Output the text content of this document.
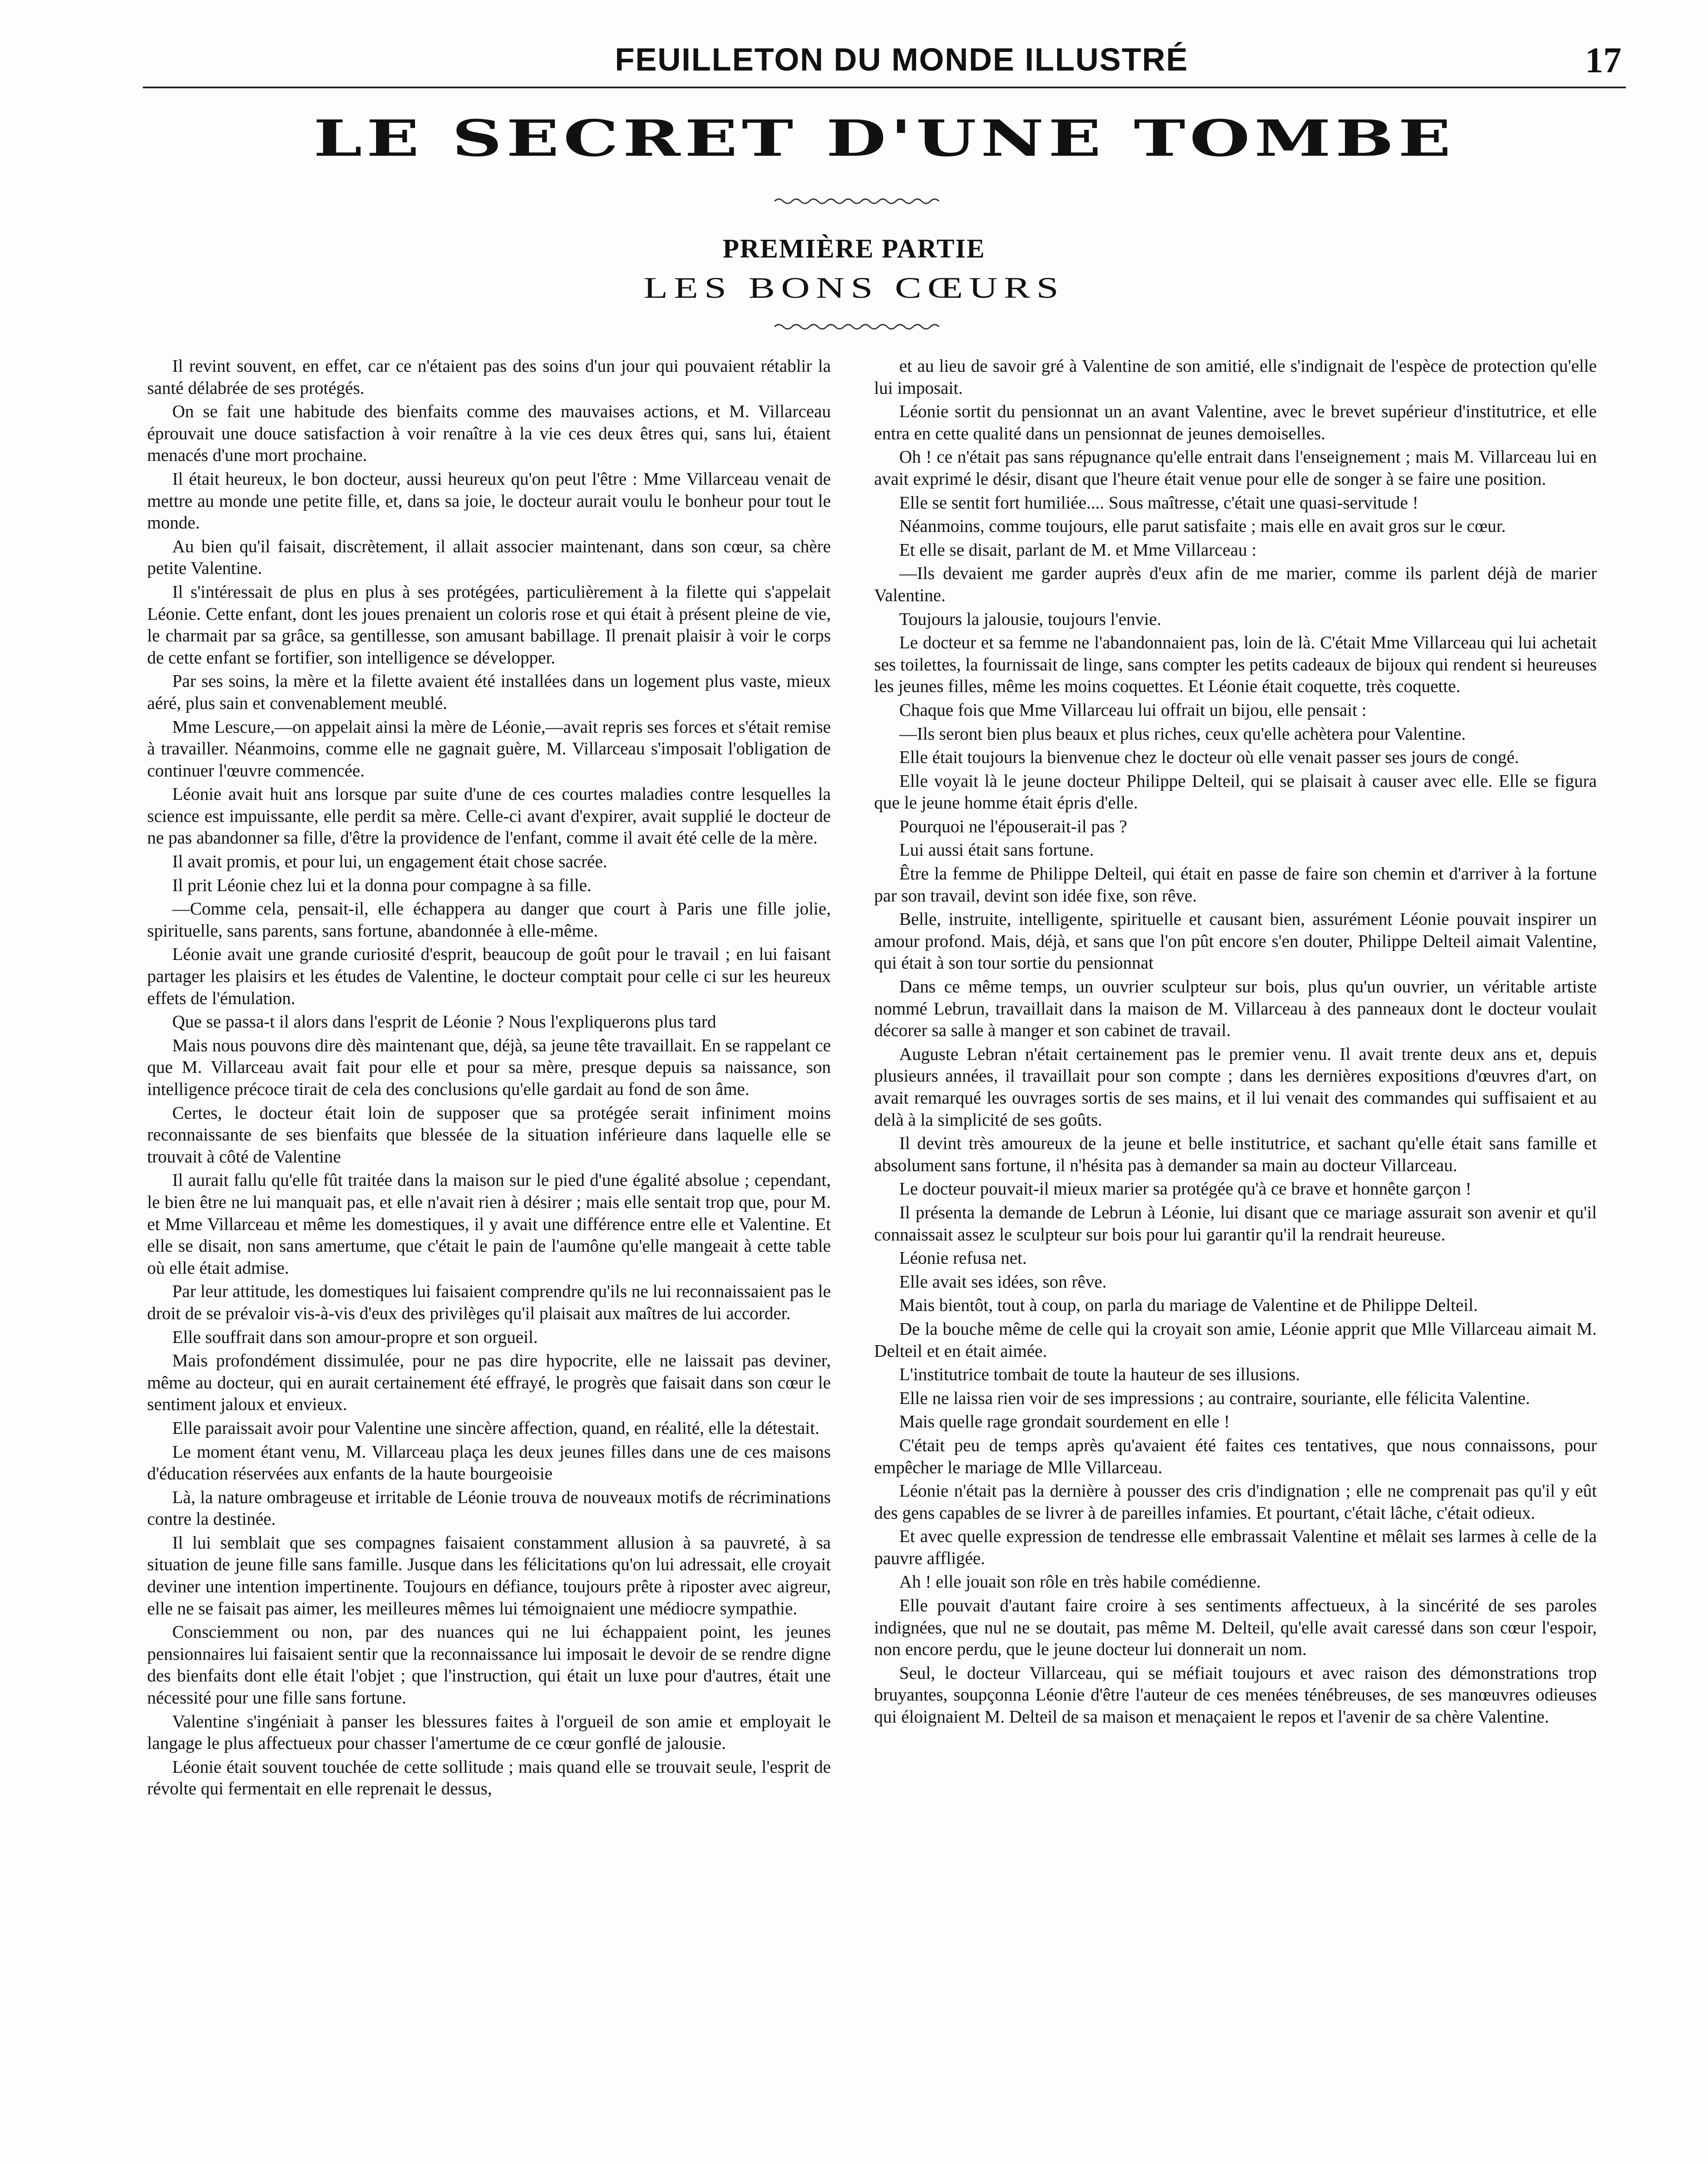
FEUILLETON DU MONDE ILLUSTRÉ	17
LE SECRET D'UNE TOMBE
PREMIÈRE PARTIE
LES BONS CŒURS

Il revint souvent, en effet, car ce n'étaient pas des soins d'un jour qui pouvaient rétablir la santé délabrée de ses protégés.

On se fait une habitude des bienfaits comme des mauvaises actions, et M. Villarceau éprouvait une douce satisfaction à voir renaître à la vie ces deux êtres qui, sans lui, étaient menacés d'une mort prochaine.

Il était heureux, le bon docteur, aussi heureux qu'on peut l'être : Mme Villarceau venait de mettre au monde une petite fille, et, dans sa joie, le docteur aurait voulu le bonheur pour tout le monde.

Au bien qu'il faisait, discrètement, il allait associer maintenant, dans son cœur, sa chère petite Valentine.

Il s'intéressait de plus en plus à ses protégées, particulièrement à la filette qui s'appelait Léonie. Cette enfant, dont les joues prenaient un coloris rose et qui était à présent pleine de vie, le charmait par sa grâce, sa gentillesse, son amusant babillage. Il prenait plaisir à voir le corps de cette enfant se fortifier, son intelligence se développer.

Par ses soins, la mère et la filette avaient été installées dans un logement plus vaste, mieux aéré, plus sain et convenablement meublé.

Mme Lescure,—on appelait ainsi la mère de Léonie,—avait repris ses forces et s'était remise à travailler. Néanmoins, comme elle ne gagnait guère, M. Villarceau s'imposait l'obligation de continuer l'œuvre commencée.

Léonie avait huit ans lorsque par suite d'une de ces courtes maladies contre lesquelles la science est impuissante, elle perdit sa mère. Celle-ci avant d'expirer, avait supplié le docteur de ne pas abandonner sa fille, d'être la providence de l'enfant, comme il avait été celle de la mère.

Il avait promis, et pour lui, un engagement était chose sacrée.

Il prit Léonie chez lui et la donna pour compagne à sa fille.

—Comme cela, pensait-il, elle échappera au danger que court à Paris une fille jolie, spirituelle, sans parents, sans fortune, abandonnée à elle-même.

Léonie avait une grande curiosité d'esprit, beaucoup de goût pour le travail ; en lui faisant partager les plaisirs et les études de Valentine, le docteur comptait pour celle ci sur les heureux effets de l'émulation.

Que se passa-t il alors dans l'esprit de Léonie ? Nous l'expliquerons plus tard

Mais nous pouvons dire dès maintenant que, déjà, sa jeune tête travaillait. En se rappelant ce que M. Villarceau avait fait pour elle et pour sa mère, presque depuis sa naissance, son intelligence précoce tirait de cela des conclusions qu'elle gardait au fond de son âme.

Certes, le docteur était loin de supposer que sa protégée serait infiniment moins reconnaissante de ses bienfaits que blessée de la situation inférieure dans laquelle elle se trouvait à côté de Valentine

Il aurait fallu qu'elle fût traitée dans la maison sur le pied d'une égalité absolue ; cependant, le bien être ne lui manquait pas, et elle n'avait rien à désirer ; mais elle sentait trop que, pour M. et Mme Villarceau et même les domestiques, il y avait une différence entre elle et Valentine. Et elle se disait, non sans amertume, que c'était le pain de l'aumône qu'elle mangeait à cette table où elle était admise.

Par leur attitude, les domestiques lui faisaient comprendre qu'ils ne lui reconnaissaient pas le droit de se prévaloir vis-à-vis d'eux des privilèges qu'il plaisait aux maîtres de lui accorder.

Elle souffrait dans son amour-propre et son orgueil.

Mais profondément dissimulée, pour ne pas dire hypocrite, elle ne laissait pas deviner, même au docteur, qui en aurait certainement été effrayé, le progrès que faisait dans son cœur le sentiment jaloux et envieux.

Elle paraissait avoir pour Valentine une sincère affection, quand, en réalité, elle la détestait.

Le moment étant venu, M. Villarceau plaça les deux jeunes filles dans une de ces maisons d'éducation réservées aux enfants de la haute bourgeoisie

Là, la nature ombrageuse et irritable de Léonie trouva de nouveaux motifs de récriminations contre la destinée.

Il lui semblait que ses compagnes faisaient constamment allusion à sa pauvreté, à sa situation de jeune fille sans famille. Jusque dans les félicitations qu'on lui adressait, elle croyait deviner une intention impertinente. Toujours en défiance, toujours prête à riposter avec aigreur, elle ne se faisait pas aimer, les meilleures mêmes lui témoignaient une médiocre sympathie.

Consciemment ou non, par des nuances qui ne lui échappaient point, les jeunes pensionnaires lui faisaient sentir que la reconnaissance lui imposait le devoir de se rendre digne des bienfaits dont elle était l'objet ; que l'instruction, qui était un luxe pour d'autres, était une nécessité pour une fille sans fortune.

Valentine s'ingéniait à panser les blessures faites à l'orgueil de son amie et employait le langage le plus affectueux pour chasser l'amertume de ce cœur gonflé de jalousie.

Léonie était souvent touchée de cette sollitude ; mais quand elle se trouvait seule, l'esprit de révolte qui fermentait en elle reprenait le dessus,

et au lieu de savoir gré à Valentine de son amitié, elle s'indignait de l'espèce de protection qu'elle lui imposait.

Léonie sortit du pensionnat un an avant Valentine, avec le brevet supérieur d'institutrice, et elle entra en cette qualité dans un pensionnat de jeunes demoiselles.

Oh ! ce n'était pas sans répugnance qu'elle entrait dans l'enseignement ; mais M. Villarceau lui en avait exprimé le désir, disant que l'heure était venue pour elle de songer à se faire une position.

Elle se sentit fort humiliée.... Sous maîtresse, c'était une quasi-servitude !

Néanmoins, comme toujours, elle parut satisfaite ; mais elle en avait gros sur le cœur.

Et elle se disait, parlant de M. et Mme Villarceau :

—Ils devaient me garder auprès d'eux afin de me marier, comme ils parlent déjà de marier Valentine.

Toujours la jalousie, toujours l'envie.

Le docteur et sa femme ne l'abandonnaient pas, loin de là. C'était Mme Villarceau qui lui achetait ses toilettes, la fournissait de linge, sans compter les petits cadeaux de bijoux qui rendent si heureuses les jeunes filles, même les moins coquettes. Et Léonie était coquette, très coquette.

Chaque fois que Mme Villarceau lui offrait un bijou, elle pensait :

—Ils seront bien plus beaux et plus riches, ceux qu'elle achètera pour Valentine.

Elle était toujours la bienvenue chez le docteur où elle venait passer ses jours de congé.

Elle voyait là le jeune docteur Philippe Delteil, qui se plaisait à causer avec elle. Elle se figura que le jeune homme était épris d'elle.

Pourquoi ne l'épouserait-il pas ?

Lui aussi était sans fortune.

Être la femme de Philippe Delteil, qui était en passe de faire son chemin et d'arriver à la fortune par son travail, devint son idée fixe, son rêve.

Belle, instruite, intelligente, spirituelle et causant bien, assurément Léonie pouvait inspirer un amour profond. Mais, déjà, et sans que l'on pût encore s'en douter, Philippe Delteil aimait Valentine, qui était à son tour sortie du pensionnat

Dans ce même temps, un ouvrier sculpteur sur bois, plus qu'un ouvrier, un véritable artiste nommé Lebrun, travaillait dans la maison de M. Villarceau à des panneaux dont le docteur voulait décorer sa salle à manger et son cabinet de travail.

Auguste Lebran n'était certainement pas le premier venu. Il avait trente deux ans et, depuis plusieurs années, il travaillait pour son compte ; dans les dernières expositions d'œuvres d'art, on avait remarqué les ouvrages sortis de ses mains, et il lui venait des commandes qui suffisaient et au delà à la simplicité de ses goûts.

Il devint très amoureux de la jeune et belle institutrice, et sachant qu'elle était sans famille et absolument sans fortune, il n'hésita pas à demander sa main au docteur Villarceau.

Le docteur pouvait-il mieux marier sa protégée qu'à ce brave et honnête garçon !

Il présenta la demande de Lebrun à Léonie, lui disant que ce mariage assurait son avenir et qu'il connaissait assez le sculpteur sur bois pour lui garantir qu'il la rendrait heureuse.

Léonie refusa net.

Elle avait ses idées, son rêve.

Mais bientôt, tout à coup, on parla du mariage de Valentine et de Philippe Delteil.

De la bouche même de celle qui la croyait son amie, Léonie apprit que Mlle Villarceau aimait M. Delteil et en était aimée.

L'institutrice tombait de toute la hauteur de ses illusions.

Elle ne laissa rien voir de ses impressions ; au contraire, souriante, elle félicita Valentine.

Mais quelle rage grondait sourdement en elle !

C'était peu de temps après qu'avaient été faites ces tentatives, que nous connaissons, pour empêcher le mariage de Mlle Villarceau.

Léonie n'était pas la dernière à pousser des cris d'indignation ; elle ne comprenait pas qu'il y eût des gens capables de se livrer à de pareilles infamies. Et pourtant, c'était lâche, c'était odieux.

Et avec quelle expression de tendresse elle embrassait Valentine et mêlait ses larmes à celle de la pauvre affligée.

Ah ! elle jouait son rôle en très habile comédienne.

Elle pouvait d'autant faire croire à ses sentiments affectueux, à la sincérité de ses paroles indignées, que nul ne se doutait, pas même M. Delteil, qu'elle avait caressé dans son cœur l'espoir, non encore perdu, que le jeune docteur lui donnerait un nom.

Seul, le docteur Villarceau, qui se méfiait toujours et avec raison des démonstrations trop bruyantes, soupçonna Léonie d'être l'auteur de ces menées ténébreuses, de ses manœuvres odieuses qui éloignaient M. Delteil de sa maison et menaçaient le repos et l'avenir de sa chère Valentine.
